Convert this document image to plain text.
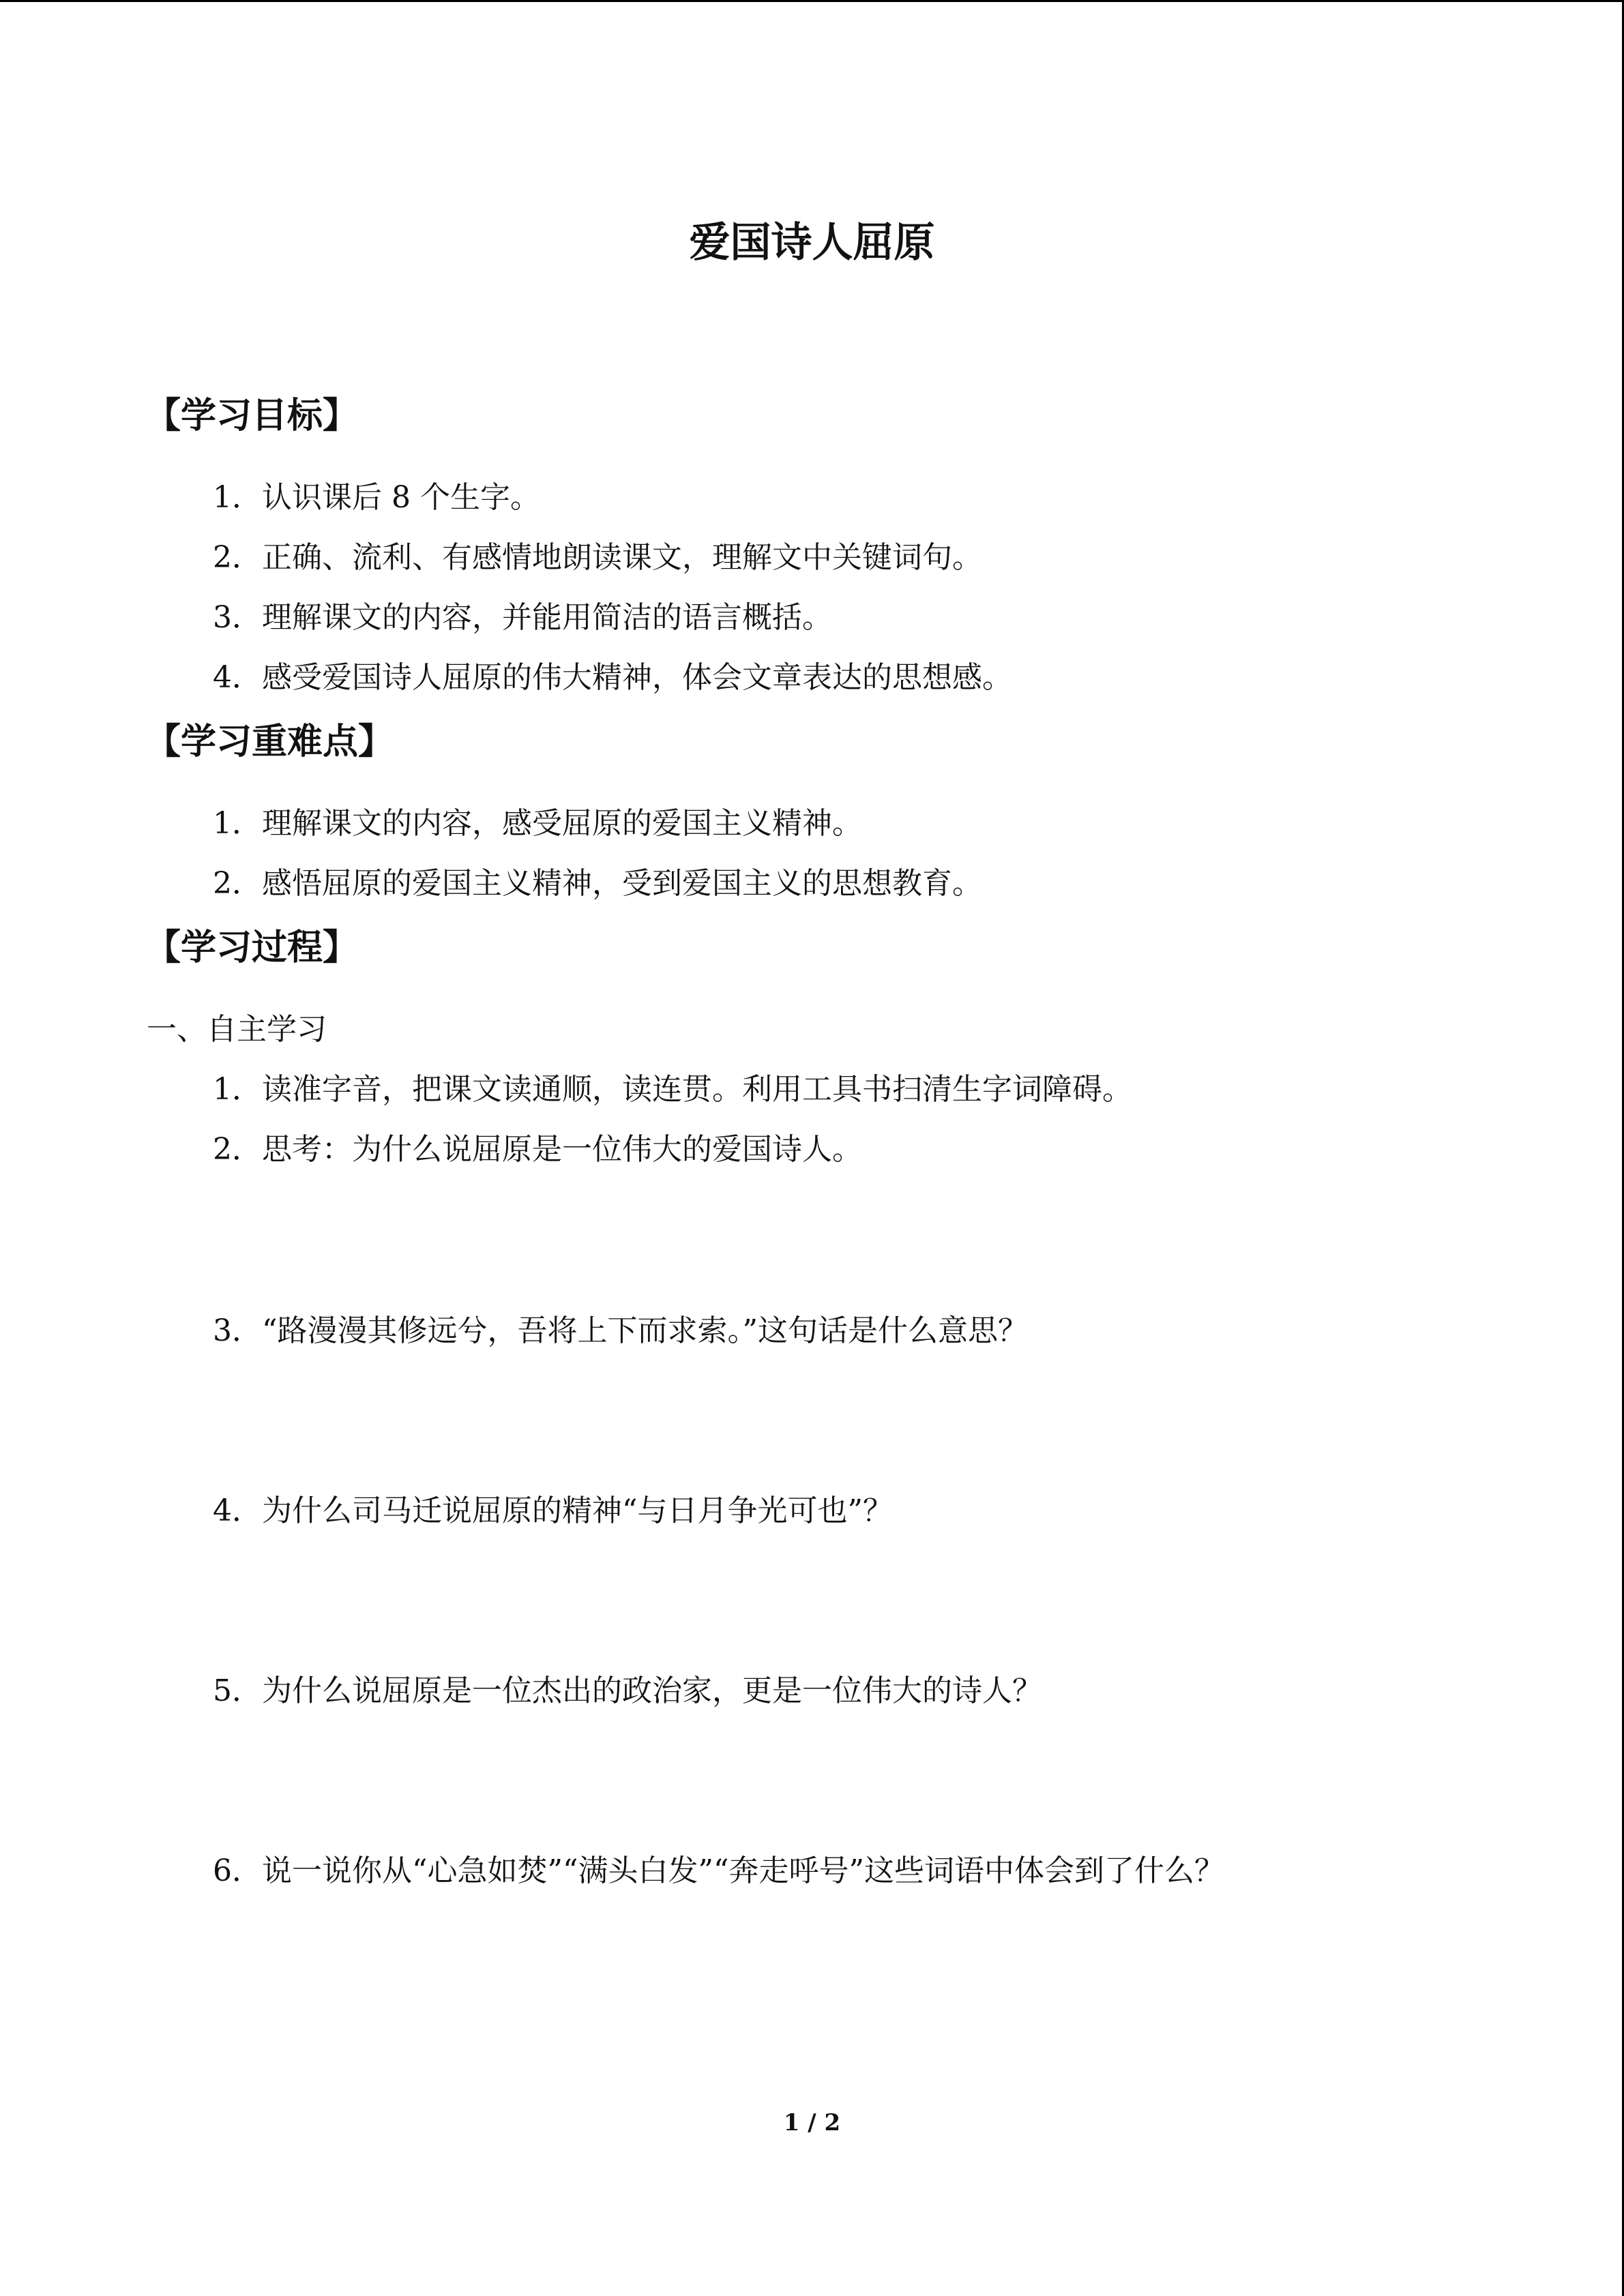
爱国诗人屈原
【学习目标】
1．认识课后 8 个生字。
2．正确、流利、有感情地朗读课文，理解文中关键词句。
3．理解课文的内容，并能用简洁的语言概括。
4．感受爱国诗人屈原的伟大精神，体会文章表达的思想感。
【学习重难点】
1．理解课文的内容，感受屈原的爱国主义精神。
2．感悟屈原的爱国主义精神，受到爱国主义的思想教育。
【学习过程】
一、自主学习
1．读准字音，把课文读通顺，读连贯。利用工具书扫清生字词障碍。
2．思考：为什么说屈原是一位伟大的爱国诗人。
3．“路漫漫其修远兮，吾将上下而求索。”这句话是什么意思？
4．为什么司马迁说屈原的精神“与日月争光可也”？
5．为什么说屈原是一位杰出的政治家，更是一位伟大的诗人？
6．说一说你从“心急如焚”“满头白发”“奔走呼号”这些词语中体会到了什么？
1 / 2
